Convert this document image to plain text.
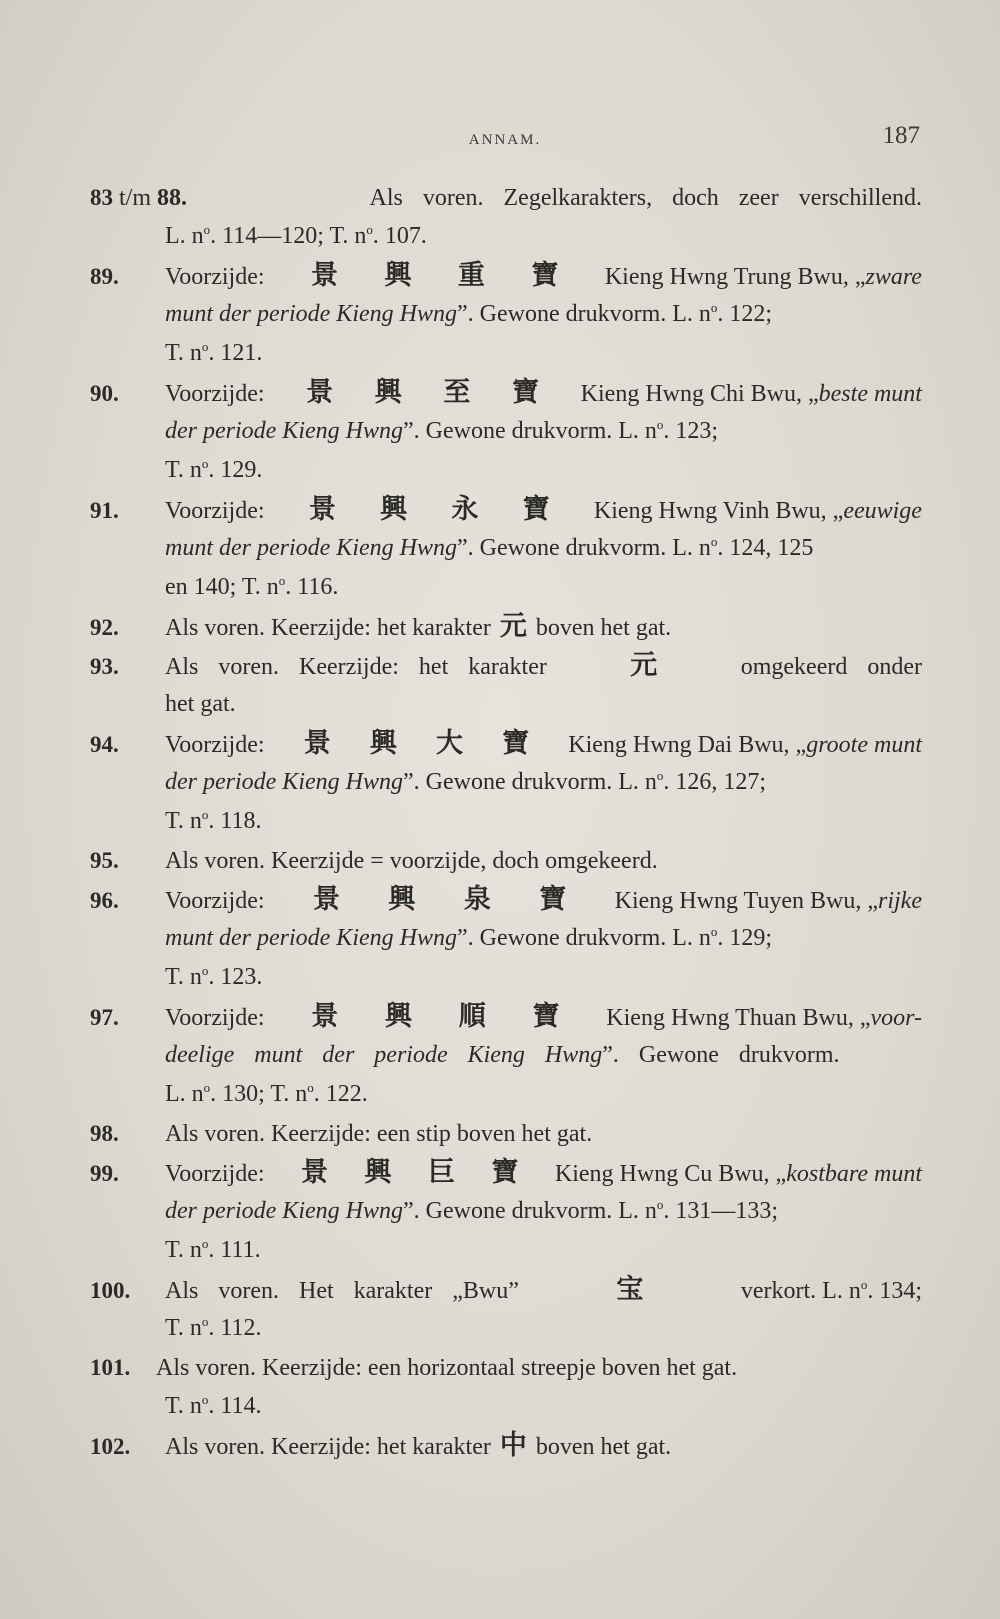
ANNAM.	187
83 t/m 88.	Als voren. Zegelkarakters, doch zeer verschillend.
L. $n^o$. 114—120; T. $n^o$. 107.
89. Voorzijde: 景 興 重 寶 Kieng Hwng Trung Bwu, „zware
munt der periode Kieng Hwng”. Gewone drukvorm. L. $n^o$. 122;
T. $n^o$. 121.
90. Voorzijde: 景 興 至 寶 Kieng Hwng Chi Bwu, „beste munt
der periode Kieng Hwng”. Gewone drukvorm. L. $n^o$. 123;
T. $n^o$. 129.
91. Voorzijde: 景 興 永 寶 Kieng Hwng Vinh Bwu, „eeuwige
munt der periode Kieng Hwng”. Gewone drukvorm. L. $n^o$. 124, 125
en 140; T. $n^o$. 116.
92.	Als voren. Keerzijde: het karakter 元 boven het gat.
93. Als voren. Keerzijde: het karakter	元	omgekeerd onder
het gat.
94. Voorzijde: 景 興 大 寶 Kieng Hwng Dai Bwu, „groote munt
der periode Kieng Hwng”. Gewone drukvorm. L. $n^o$. 126, 127;
T. $n^o$. 118.
95.	Als voren. Keerzijde = voorzijde, doch omgekeerd.
96. Voorzijde: 景 興 泉 寶 Kieng Hwng Tuyen Bwu, „rijke
munt der periode Kieng Hwng”. Gewone drukvorm. L. $n^o$. 129;
T. $n^o$. 123.
97. Voorzijde: 景 興 順 寶 Kieng Hwng Thuan Bwu, „voor-
deelige munt der periode Kieng Hwng”. Gewone drukvorm.
L. $n^o$. 130; T. $n^o$. 122.
98.	Als voren. Keerzijde: een stip boven het gat.
99. Voorzijde: 景 興 巨 寶 Kieng Hwng Cu Bwu, „kostbare munt
der periode Kieng Hwng”. Gewone drukvorm. L. $n^o$. 131—133;
T. $n^o$. 111.
100. Als voren. Het karakter „Bwu”	宝	verkort. L. $n^o$. 134;
T. $n^o$. 112.
101.	Als voren. Keerzijde: een horizontaal streepje boven het gat.
T. $n^o$. 114.
102.	Als voren. Keerzijde: het karakter 中 boven het gat.
